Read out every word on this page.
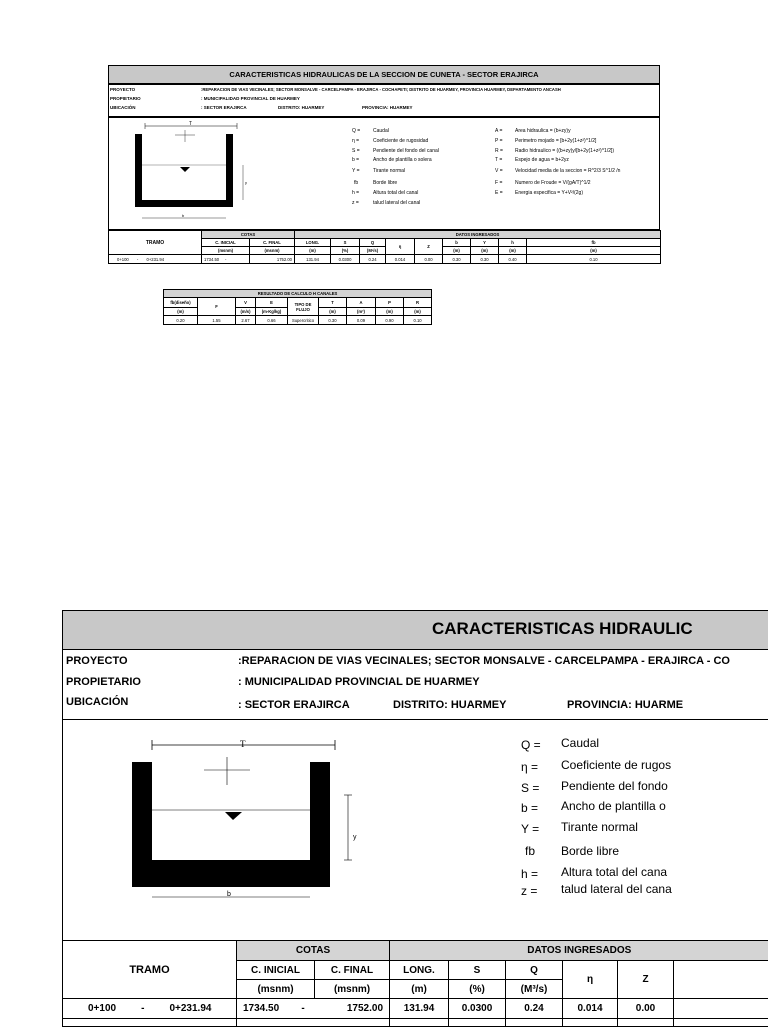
CARACTERISTICAS HIDRAULICAS DE LA SECCION DE CUNETA - SECTOR ERAJIRCA
PROYECTO	:REPARACION DE VIAS VECINALES; SECTOR MONSALVE - CARCELPAMPA - ERAJIRCA - COCHAPETI; DISTRITO DE HUARMEY, PROVINCIA HUARMEY, DEPARTAMENTO ANCASH
PROPIETARIO	: MUNICIPALIDAD PROVINCIAL DE HUARMEY
UBICACIÓN	: SECTOR ERAJIRCA	DISTRITO: HUARMEY	PROVINCIA: HUARMEY
T
y
b
Q =	Caudal
η =	Coeficiente de rugosidad
S =	Pendiente del fondo del canal
b =	Ancho de plantilla o solera
Y =	Tirante normal
fb	Borde libre
h =	Altura total del canal
z =	talud lateral del canal
A =	Area hidraulica = (b+zy)y
P = Perimetro mojado = [b+2y(1+z²)^1/2]
R = Radio hidraulico = ((b+zy)y/[b+2y(1+z²)^1/2])
T =	Espejo de agua = b+2yz
V = Velocidad media de la seccion = R^2/3 S^1/2 /n
F =	Numero de Froude = V/(gA/T)^1/2
E = Energia especifica = Y+V²/(2g)
TRAMO	COTAS		DATOS INGRESADOS									
	C. INICIAL	C. FINAL	LONG.	S	Q	η	Z	b	Y	h	fb	
	(msnm)	(msnm)	(m)	(%)	(M³/s)			(m)	(m)	(m)	(m)	
0+100 - 0+231.94	1734.50 -	1752.00	131.94	0.0300	0.24	0.014	0.00	0.30	0.30	0.40	0.10	
RESULTADO DE CALCULO H CANALES								
fb(diseño)	F	V	E	TIPO DE FLUJO	T	A	P	R
(m)		(m/s)	(m-Kg/kg)		(m)	(m²)	(m)	(m)
0.20	1.55	2.67	0.66	Supercritico	0.30	0.09	0.90	0.10
CARACTERISTICAS HIDRAULIC
PROYECTO	:REPARACION DE VIAS VECINALES; SECTOR MONSALVE - CARCELPAMPA - ERAJIRCA - CO
PROPIETARIO	: MUNICIPALIDAD PROVINCIAL DE HUARMEY
UBICACIÓN	: SECTOR ERAJIRCA	DISTRITO: HUARMEY	PROVINCIA: HUARME
T
y
b
Q = Caudal
η = Coeficiente de rugos
S = Pendiente del fondo
b = Ancho de plantilla o
Y = Tirante normal
fb Borde libre
h = Altura total del cana
z = talud lateral del cana
TRAMO	COTAS		DATOS INGRESADOS					
	C. INICIAL	C. FINAL	LONG.	S	Q	η	Z	
	(msnm)	(msnm)	(m)	(%)	(M³/s)			
0+100 - 0+231.94	1734.50 -	1752.00	131.94	0.0300	0.24	0.014	0.00	
